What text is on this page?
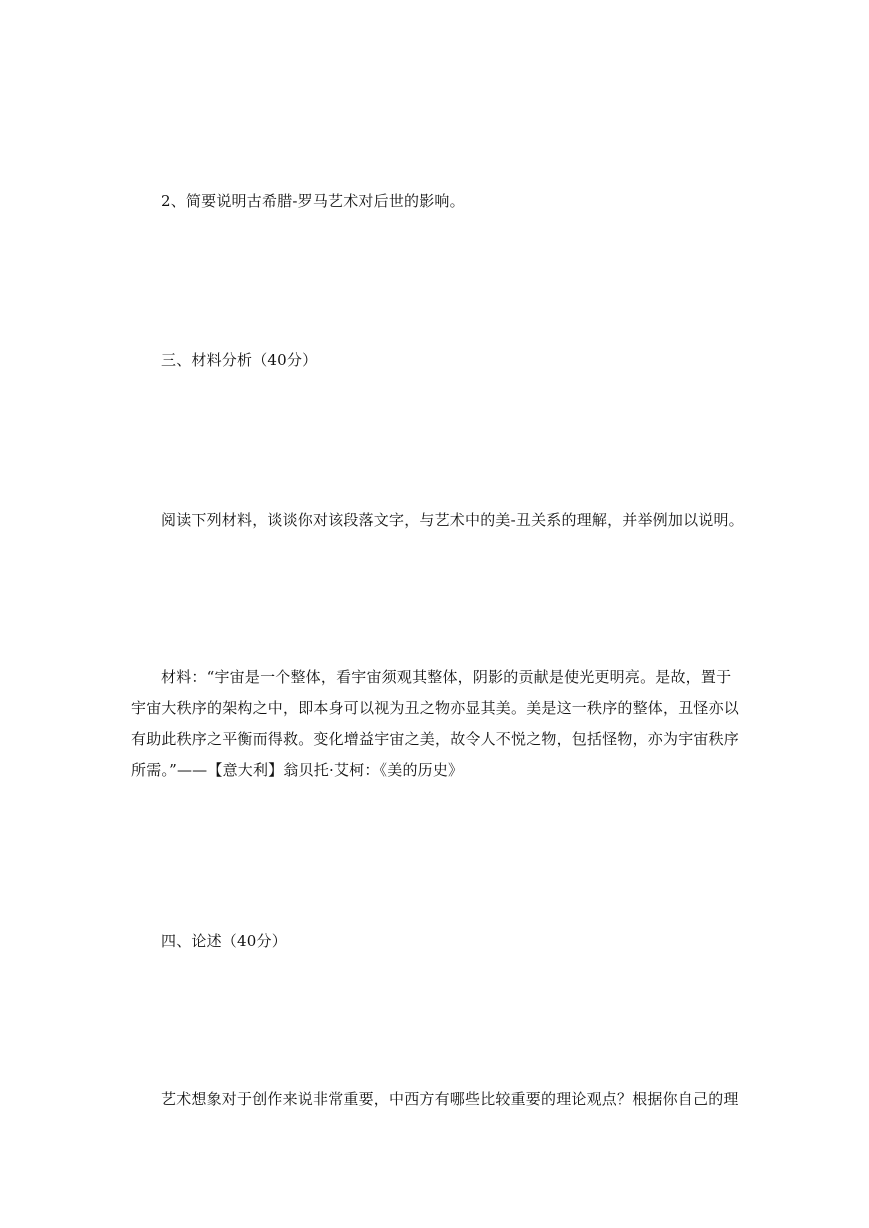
2、简要说明古希腊-罗马艺术对后世的影响。
三、材料分析（40分）
阅读下列材料，谈谈你对该段落文字，与艺术中的美-丑关系的理解，并举例加以说明。
材料：“宇宙是一个整体，看宇宙须观其整体，阴影的贡献是使光更明亮。是故，置于
宇宙大秩序的架构之中，即本身可以视为丑之物亦显其美。美是这一秩序的整体，丑怪亦以
有助此秩序之平衡而得救。变化增益宇宙之美，故令人不悦之物，包括怪物，亦为宇宙秩序
所需。”——【意大利】翁贝托·艾柯：《美的历史》
四、论述（40分）
艺术想象对于创作来说非常重要，中西方有哪些比较重要的理论观点？根据你自己的理
